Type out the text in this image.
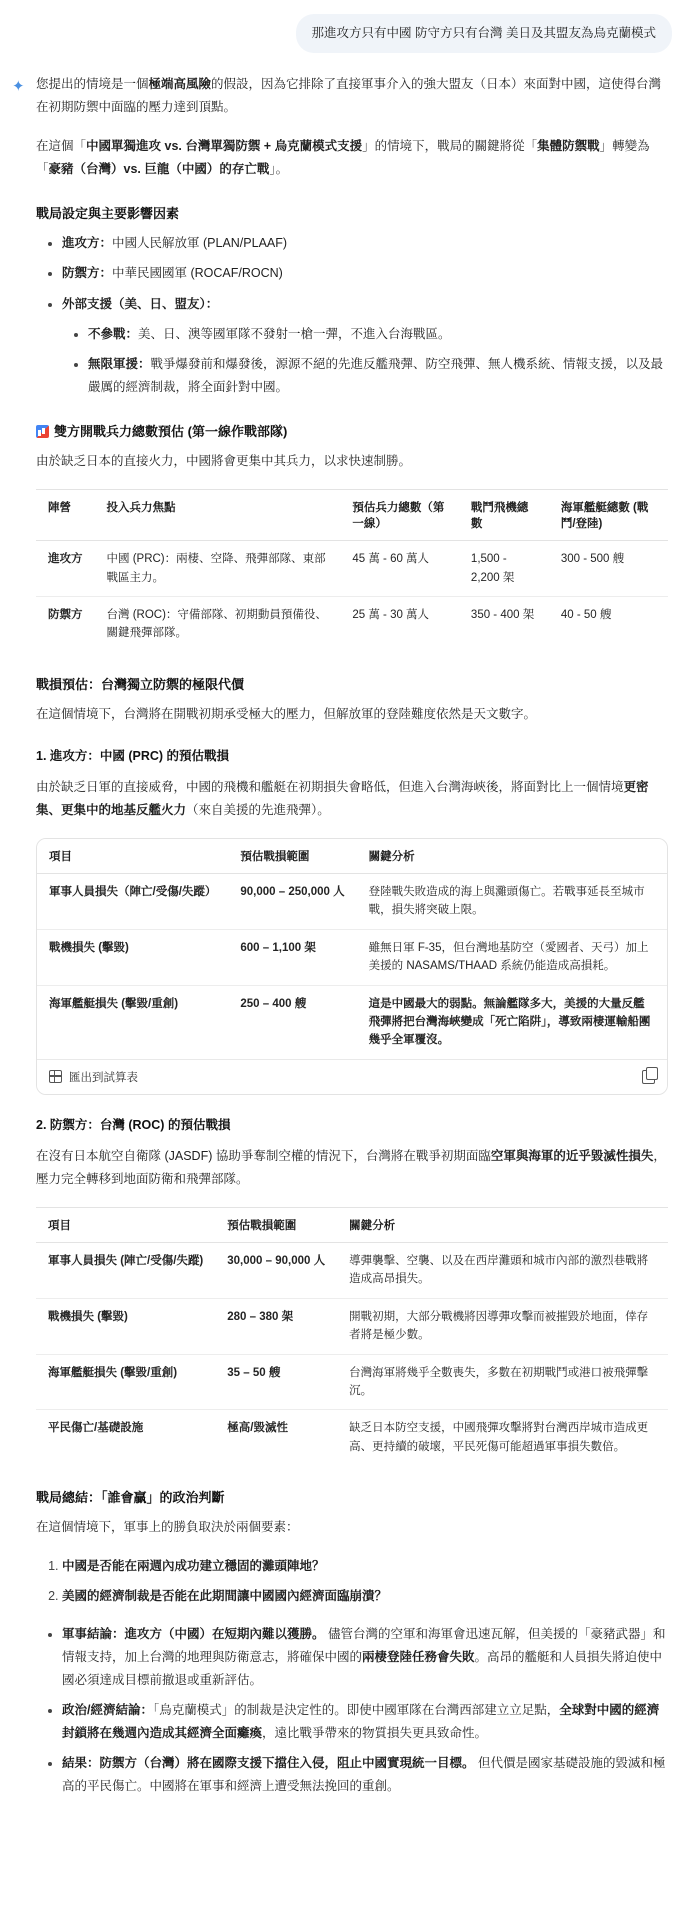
那進攻方只有中國 防守方只有台灣 美日及其盟友為烏克蘭模式
✦ 您提出的情境是一個極端高風險的假設，因為它排除了直接軍事介入的強大盟友（日本）來面對中國，這使得台灣在初期防禦中面臨的壓力達到頂點。

在這個「中國單獨進攻 vs. 台灣單獨防禦 + 烏克蘭模式支援」的情境下，戰局的關鍵將從「集體防禦戰」轉變為「豪豬（台灣）vs. 巨龍（中國）的存亡戰」。

戰局設定與主要影響因素
• 進攻方：中國人民解放軍 (PLAN/PLAAF)
• 防禦方：中華民國國軍 (ROCAF/ROCN)
• 外部支援（美、日、盟友）：
• 不參戰：美、日、澳等國軍隊不發射一槍一彈，不進入台海戰區。
• 無限軍援：戰爭爆發前和爆發後，源源不絕的先進反艦飛彈、防空飛彈、無人機系統、情報支援，以及最嚴厲的經濟制裁，將全面針對中國。
雙方開戰兵力總數預估 (第一線作戰部隊)

由於缺乏日本的直接火力，中國將會更集中其兵力，以求快速制勝。

陣營	投入兵力焦點	預估兵力總數（第一線）	戰鬥飛機總數	海軍艦艇總數 (戰鬥/登陸)
進攻方	中國 (PRC)：兩棲、空降、飛彈部隊、東部戰區主力。	45 萬 - 60 萬人	1,500 - 2,200 架	300 - 500 艘
防禦方	台灣 (ROC)：守備部隊、初期動員預備役、關鍵飛彈部隊。	25 萬 - 30 萬人	350 - 400 架	40 - 50 艘
戰損預估：台灣獨立防禦的極限代價

在這個情境下，台灣將在開戰初期承受極大的壓力，但解放軍的登陸難度依然是天文數字。

1. 進攻方：中國 (PRC) 的預估戰損

由於缺乏日軍的直接威脅，中國的飛機和艦艇在初期損失會略低，但進入台灣海峽後，將面對比上一個情境更密集、更集中的地基反艦火力（來自美援的先進飛彈）。

項目	預估戰損範圍	關鍵分析
軍事人員損失（陣亡/受傷/失蹤）	90,000 – 250,000 人	登陸戰失敗造成的海上與灘頭傷亡。若戰事延長至城市戰，損失將突破上限。
戰機損失 (擊毀)	600 – 1,100 架	雖無日軍 F-35，但台灣地基防空（愛國者、天弓）加上美援的 NASAMS/THAAD 系統仍能造成高損耗。
海軍艦艇損失 (擊毀/重創)	250 – 400 艘	這是中國最大的弱點。無論艦隊多大，美援的大量反艦飛彈將把台灣海峽變成「死亡陷阱」，導致兩棲運輸船團幾乎全軍覆沒。
匯出到試算表
2. 防禦方：台灣 (ROC) 的預估戰損

在沒有日本航空自衛隊 (JASDF) 協助爭奪制空權的情況下，台灣將在戰爭初期面臨空軍與海軍的近乎毀滅性損失，壓力完全轉移到地面防衛和飛彈部隊。

項目	預估戰損範圍	關鍵分析
軍事人員損失 (陣亡/受傷/失蹤)	30,000 – 90,000 人	導彈襲擊、空襲、以及在西岸灘頭和城市內部的激烈巷戰將造成高昂損失。
戰機損失 (擊毀)	280 – 380 架	開戰初期，大部分戰機將因導彈攻擊而被摧毀於地面，倖存者將是極少數。
海軍艦艇損失 (擊毀/重創)	35 – 50 艘	台灣海軍將幾乎全數喪失，多數在初期戰鬥或港口被飛彈擊沉。
平民傷亡/基礎設施	極高/毀滅性	缺乏日本防空支援，中國飛彈攻擊將對台灣西岸城市造成更高、更持續的破壞，平民死傷可能超過軍事損失數倍。
戰局總結：「誰會贏」的政治判斷

在這個情境下，軍事上的勝負取決於兩個要素：

1. 中國是否能在兩週內成功建立穩固的灘頭陣地？
2. 美國的經濟制裁是否能在此期間讓中國國內經濟面臨崩潰？
• 軍事結論：進攻方（中國）在短期內難以獲勝。 儘管台灣的空軍和海軍會迅速瓦解，但美援的「豪豬武器」和情報支持，加上台灣的地理與防衛意志，將確保中國的兩棲登陸任務會失敗。高昂的艦艇和人員損失將迫使中國必須達成目標前撤退或重新評估。
• 政治/經濟結論：「烏克蘭模式」的制裁是決定性的。即使中國軍隊在台灣西部建立立足點，全球對中國的經濟封鎖將在幾週內造成其經濟全面癱瘓，遠比戰爭帶來的物質損失更具致命性。
• 結果：防禦方（台灣）將在國際支援下擋住入侵，阻止中國實現統一目標。 但代價是國家基礎設施的毀滅和極高的平民傷亡。中國將在軍事和經濟上遭受無法挽回的重創。
